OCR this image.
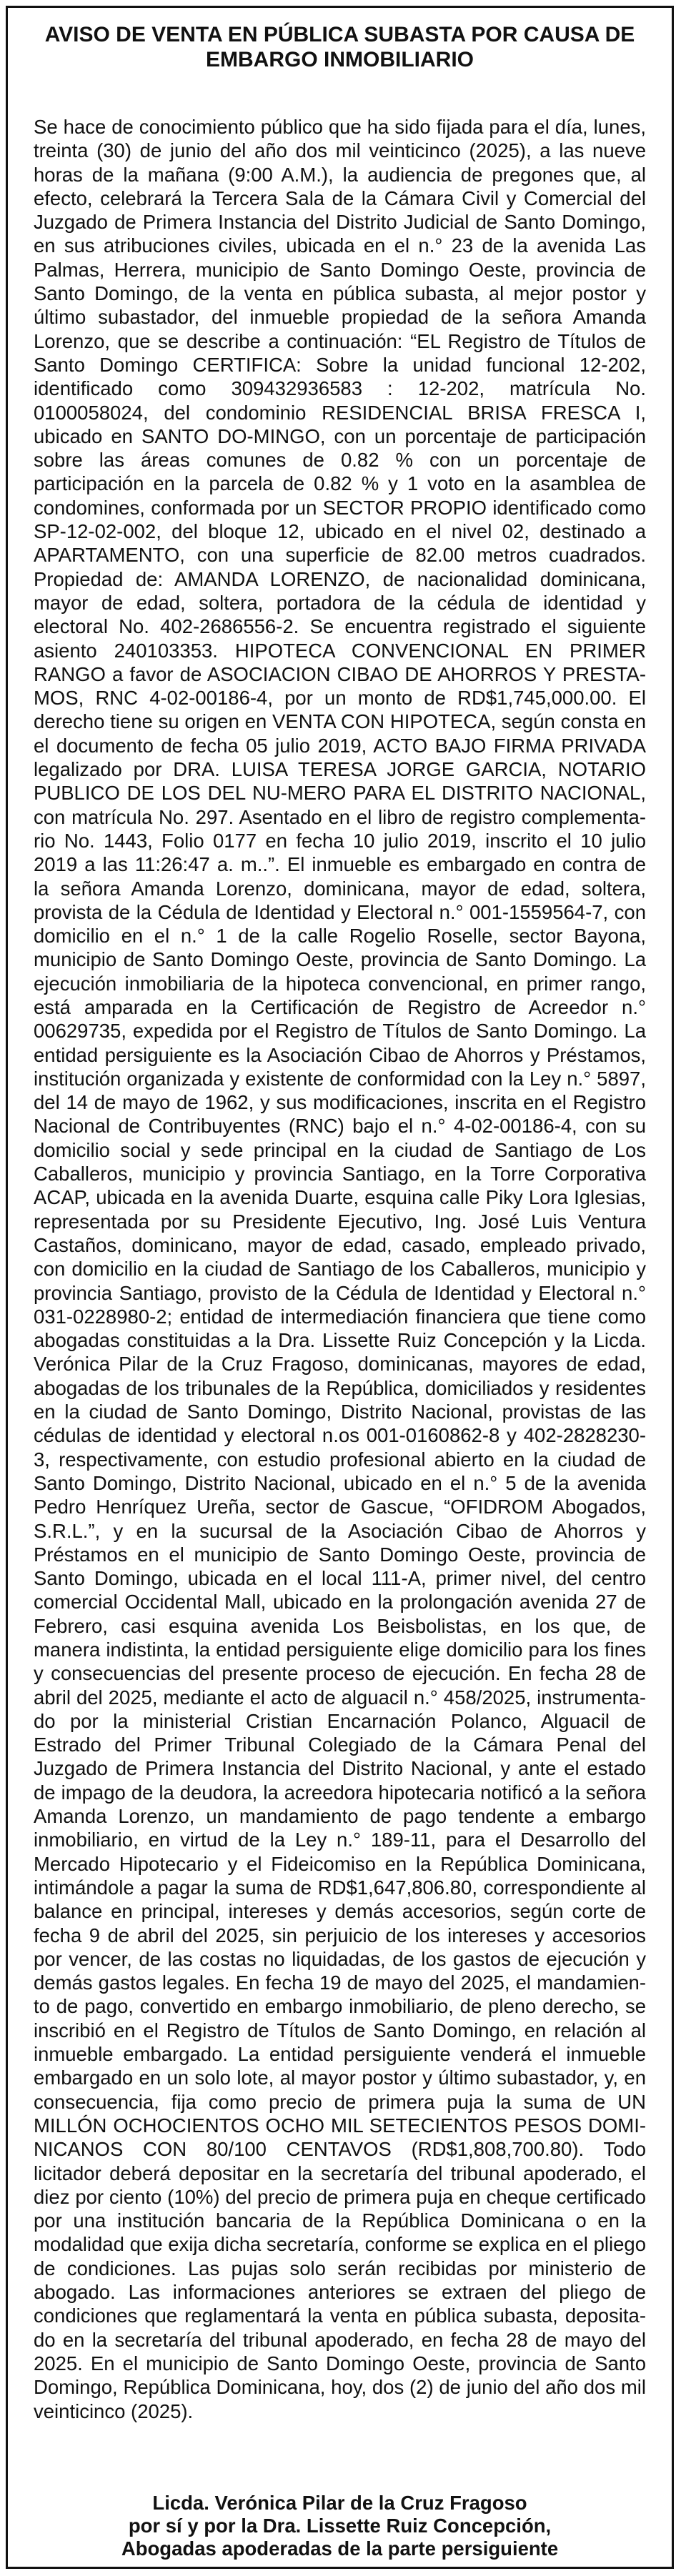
AVISO DE VENTA EN PÚBLICA SUBASTA POR CAUSA DE EMBARGO INMOBILIARIO

Se hace de conocimiento público que ha sido fijada para el día, lunes, treinta (30) de junio del año dos mil veinticinco (2025), a las nueve horas de la mañana (9:00 A.M.), la audiencia de pregones que, al efecto, celebrará la Tercera Sala de la Cámara Civil y Comercial del Juzgado de Primera Instancia del Distrito Judicial de Santo Domingo, en sus atribuciones civiles, ubicada en el n.° 23 de la avenida Las Palmas, Herrera, municipio de Santo Domingo Oeste, provincia de Santo Domingo, de la venta en pública subasta, al mejor postor y último subastador, del inmueble propiedad de la señora Amanda Lorenzo, que se describe a continuación: “EL Registro de Títulos de Santo Domingo CERTIFICA: Sobre la unidad funcional 12-202, identificado como 309432936583 : 12-202, matrícula No. 0100058024, del condominio RESIDENCIAL BRISA FRESCA I, ubicado en SANTO DO-MINGO, con un porcentaje de participación sobre las áreas comunes de 0.82 % con un porcentaje de participación en la parcela de 0.82 % y 1 voto en la asamblea de condomines, conformada por un SECTOR PROPIO identificado como SP-12-02-002, del bloque 12, ubicado en el nivel 02, destinado a APARTAMENTO, con una superficie de 82.00 metros cuadrados. Propiedad de: AMANDA LORENZO, de nacionalidad dominicana, mayor de edad, soltera, portadora de la cédula de identidad y electoral No. 402-2686556-2. Se encuentra registrado el siguiente asiento 240103353. HIPOTECA CONVENCIONAL EN PRIMER RANGO a favor de ASOCIACION CIBAO DE AHORROS Y PRESTA-MOS, RNC 4-02-00186-4, por un monto de RD$1,745,000.00. El derecho tiene su origen en VENTA CON HIPOTECA, según consta en el documento de fecha 05 julio 2019, ACTO BAJO FIRMA PRIVADA legalizado por DRA. LUISA TERESA JORGE GARCIA, NOTARIO PUBLICO DE LOS DEL NU-MERO PARA EL DISTRITO NACIONAL, con matrícula No. 297. Asentado en el libro de registro complementa-rio No. 1443, Folio 0177 en fecha 10 julio 2019, inscrito el 10 julio 2019 a las 11:26:47 a. m..”. El inmueble es embargado en contra de la señora Amanda Lorenzo, dominicana, mayor de edad, soltera, provista de la Cédula de Identidad y Electoral n.° 001-1559564-7, con domicilio en el n.° 1 de la calle Rogelio Roselle, sector Bayona, municipio de Santo Domingo Oeste, provincia de Santo Domingo. La ejecución inmobiliaria de la hipoteca convencional, en primer rango, está amparada en la Certificación de Registro de Acreedor n.° 00629735, expedida por el Registro de Títulos de Santo Domingo. La entidad persiguiente es la Asociación Cibao de Ahorros y Préstamos, institución organizada y existente de conformidad con la Ley n.° 5897, del 14 de mayo de 1962, y sus modificaciones, inscrita en el Registro Nacional de Contribuyentes (RNC) bajo el n.° 4-02-00186-4, con su domicilio social y sede principal en la ciudad de Santiago de Los Caballeros, municipio y provincia Santiago, en la Torre Corporativa ACAP, ubicada en la avenida Duarte, esquina calle Piky Lora Iglesias, representada por su Presidente Ejecutivo, Ing. José Luis Ventura Castaños, dominicano, mayor de edad, casado, empleado privado, con domicilio en la ciudad de Santiago de los Caballeros, municipio y provincia Santiago, provisto de la Cédula de Identidad y Electoral n.° 031-0228980-2; entidad de intermediación financiera que tiene como abogadas constituidas a la Dra. Lissette Ruiz Concepción y la Licda. Verónica Pilar de la Cruz Fragoso, dominicanas, mayores de edad, abogadas de los tribunales de la República, domiciliados y residentes en la ciudad de Santo Domingo, Distrito Nacional, provistas de las cédulas de identidad y electoral n.os 001-0160862-8 y 402-2828230-3, respectivamente, con estudio profesional abierto en la ciudad de Santo Domingo, Distrito Nacional, ubicado en el n.° 5 de la avenida Pedro Henríquez Ureña, sector de Gascue, “OFIDROM Abogados, S.R.L.”, y en la sucursal de la Asociación Cibao de Ahorros y Préstamos en el municipio de Santo Domingo Oeste, provincia de Santo Domingo, ubicada en el local 111-A, primer nivel, del centro comercial Occidental Mall, ubicado en la prolongación avenida 27 de Febrero, casi esquina avenida Los Beisbolistas, en los que, de manera indistinta, la entidad persiguiente elige domicilio para los fines y consecuencias del presente proceso de ejecución. En fecha 28 de abril del 2025, mediante el acto de alguacil n.° 458/2025, instrumenta-do por la ministerial Cristian Encarnación Polanco, Alguacil de Estrado del Primer Tribunal Colegiado de la Cámara Penal del Juzgado de Primera Instancia del Distrito Nacional, y ante el estado de impago de la deudora, la acreedora hipotecaria notificó a la señora Amanda Lorenzo, un mandamiento de pago tendente a embargo inmobiliario, en virtud de la Ley n.° 189-11, para el Desarrollo del Mercado Hipotecario y el Fideicomiso en la República Dominicana, intimándole a pagar la suma de RD$1,647,806.80, correspondiente al balance en principal, intereses y demás accesorios, según corte de fecha 9 de abril del 2025, sin perjuicio de los intereses y accesorios por vencer, de las costas no liquidadas, de los gastos de ejecución y demás gastos legales. En fecha 19 de mayo del 2025, el mandamien-to de pago, convertido en embargo inmobiliario, de pleno derecho, se inscribió en el Registro de Títulos de Santo Domingo, en relación al inmueble embargado. La entidad persiguiente venderá el inmueble embargado en un solo lote, al mayor postor y último subastador, y, en consecuencia, fija como precio de primera puja la suma de UN MILLÓN OCHOCIENTOS OCHO MIL SETECIENTOS PESOS DOMI-NICANOS CON 80/100 CENTAVOS (RD$1,808,700.80). Todo licitador deberá depositar en la secretaría del tribunal apoderado, el diez por ciento (10%) del precio de primera puja en cheque certificado por una institución bancaria de la República Dominicana o en la modalidad que exija dicha secretaría, conforme se explica en el pliego de condiciones. Las pujas solo serán recibidas por ministerio de abogado. Las informaciones anteriores se extraen del pliego de condiciones que reglamentará la venta en pública subasta, deposita-do en la secretaría del tribunal apoderado, en fecha 28 de mayo del 2025. En el municipio de Santo Domingo Oeste, provincia de Santo Domingo, República Dominicana, hoy, dos (2) de junio del año dos mil veinticinco (2025).

Licda. Verónica Pilar de la Cruz Fragoso
por sí y por la Dra. Lissette Ruiz Concepción,
Abogadas apoderadas de la parte persiguiente
